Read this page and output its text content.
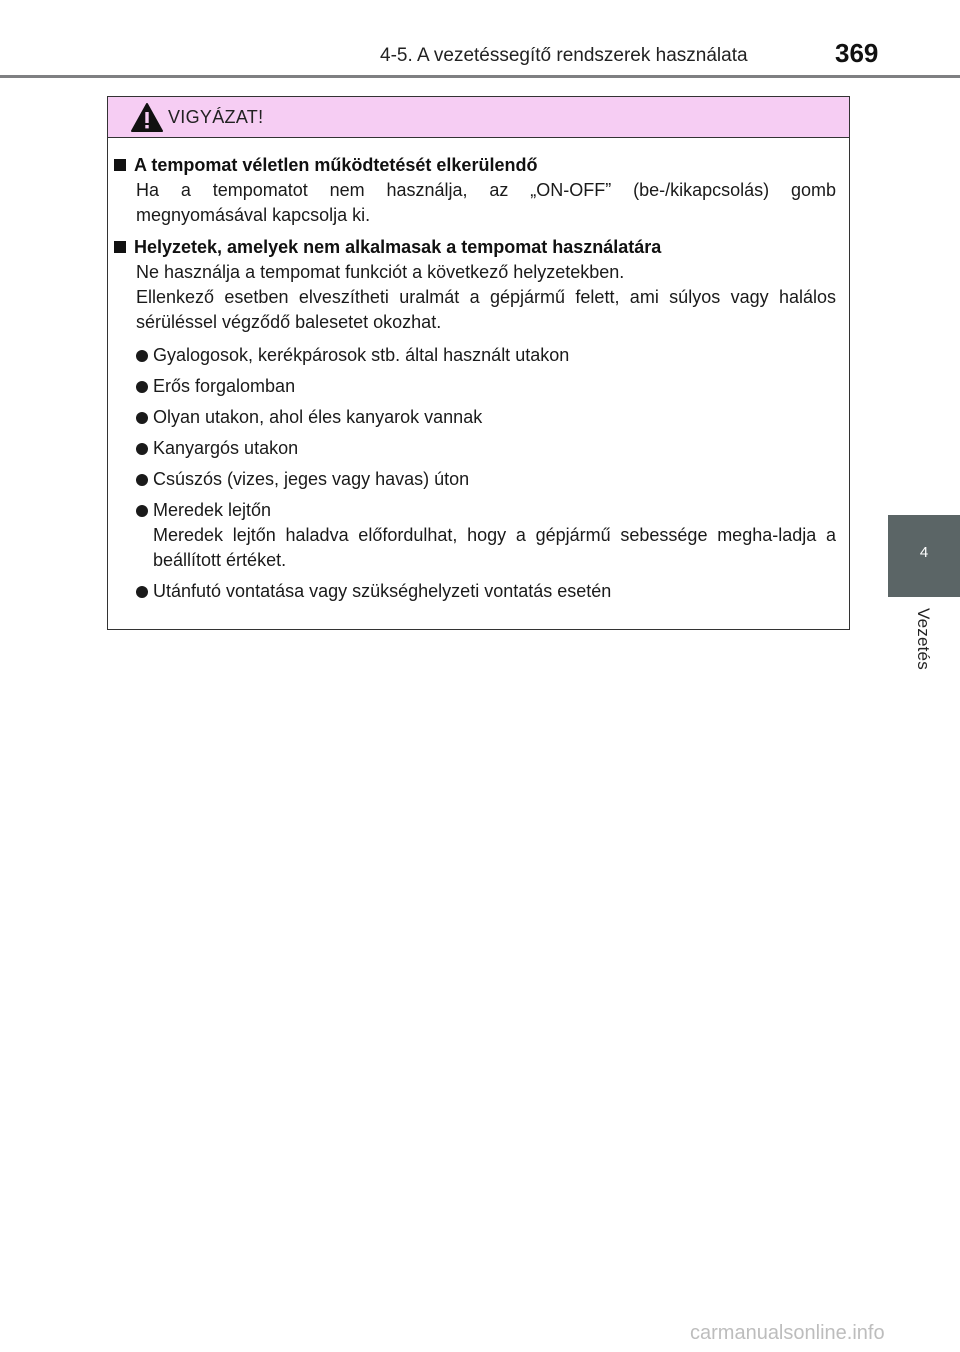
4-5. A vezetéssegítő rendszerek használata	369
4
Vezetés
VIGYÁZAT!
A tempomat véletlen működtetését elkerülendő
Ha a tempomatot nem használja, az „ON-OFF” (be-/kikapcsolás) gomb megnyomásával kapcsolja ki.
Helyzetek, amelyek nem alkalmasak a tempomat használatára
Ne használja a tempomat funkciót a következő helyzetekben.
Ellenkező esetben elveszítheti uralmát a gépjármű felett, ami súlyos vagy halálos sérüléssel végződő balesetet okozhat.
Gyalogosok, kerékpárosok stb. által használt utakon
Erős forgalomban
Olyan utakon, ahol éles kanyarok vannak
Kanyargós utakon
Csúszós (vizes, jeges vagy havas) úton
Meredek lejtőn
Meredek lejtőn haladva előfordulhat, hogy a gépjármű sebessége megha-ladja a beállított értéket.
Utánfutó vontatása vagy szükséghelyzeti vontatás esetén
carmanualsonline.info
